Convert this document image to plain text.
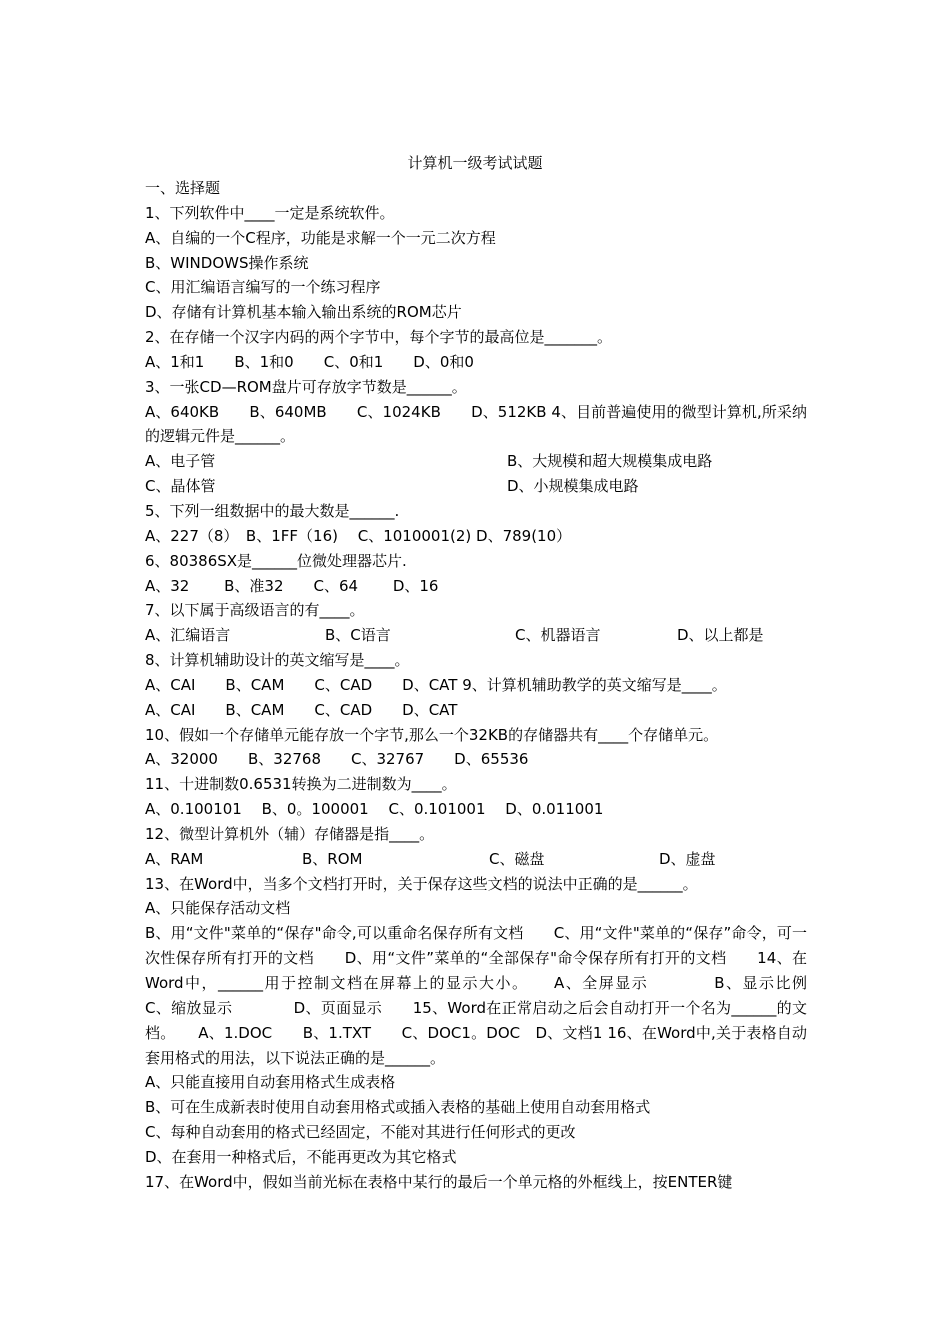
计算机一级考试试题

一、选择题

1、下列软件中____一定是系统软件。

A、自编的一个C程序，功能是求解一个一元二次方程

B、WINDOWS操作系统

C、用汇编语言编写的一个练习程序

D、存储有计算机基本输入输出系统的ROM芯片

2、在存储一个汉字内码的两个字节中，每个字节的最高位是_______。

A、1和1　　B、1和0　　C、0和1　　D、0和0

3、一张CD—ROM盘片可存放字节数是______。

A、640KB　　B、640MB　　C、1024KB　　D、512KB 4、目前普遍使用的微型计算机,所采纳的逻辑元件是______。

A、电子管	B、大规模和超大规模集成电路
C、晶体管	D、小规模集成电路

5、下列一组数据中的最大数是______.

A、227（8）　B、1FF（16)　 C、1010001(2) D、789(10）

6、80386SX是______位微处理器芯片.

A、32　　 B、准32　　C、64　　 D、16

7、以下属于高级语言的有____。

A、汇编语言	B、C语言	C、机器语言	D、以上都是

8、计算机辅助设计的英文缩写是____。

A、CAI　　B、CAM　　C、CAD　　D、CAT 9、计算机辅助教学的英文缩写是____。

A、CAI　　B、CAM　　C、CAD　　D、CAT

10、假如一个存储单元能存放一个字节,那么一个32KB的存储器共有____个存储单元。

A、32000　　B、32768　　C、32767　　D、65536

11、十进制数0.6531转换为二进制数为____。

A、0.100101　 B、0。100001　 C、0.101001　 D、0.011001

12、微型计算机外（辅）存储器是指____。

A、RAM	B、ROM	C、磁盘	D、虚盘

13、在Word中，当多个文档打开时，关于保存这些文档的说法中正确的是______。

A、只能保存活动文档

B、用“文件"菜单的“保存"命令,可以重命名保存所有文档　　C、用“文件"菜单的“保存”命令，可一次性保存所有打开的文档　　D、用“文件”菜单的“全部保存"命令保存所有打开的文档　　14、在Word中，______用于控制文档在屏幕上的显示大小。　　A、全屏显示　　　　B、显示比例　　　　C、缩放显示　　　　D、页面显示　　15、Word在正常启动之后会自动打开一个名为______的文档。　　A、1.DOC　　B、1.TXT　　C、DOC1。DOC　D、文档1 16、在Word中,关于表格自动套用格式的用法，以下说法正确的是______。

A、只能直接用自动套用格式生成表格

B、可在生成新表时使用自动套用格式或插入表格的基础上使用自动套用格式

C、每种自动套用的格式已经固定，不能对其进行任何形式的更改

D、在套用一种格式后，不能再更改为其它格式

17、在Word中，假如当前光标在表格中某行的最后一个单元格的外框线上，按ENTER键
